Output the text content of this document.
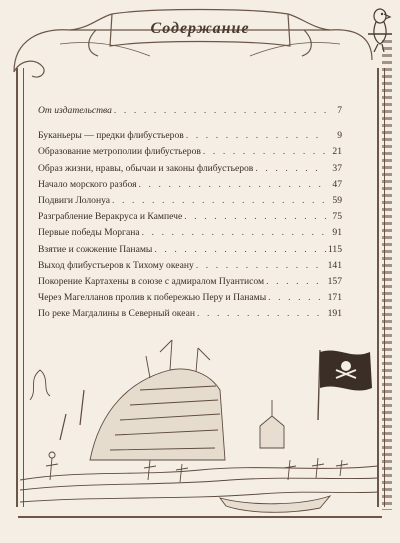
Содержание
От издательства . . .	7
Буканьеры — предки флибустьеров . . .	9
Образование метрополии флибустьеров . . .	21
Образ жизни, нравы, обычаи и законы флибустьеров . . .	37
Начало морского разбоя . . .	47
Подвиги Лолонуа . . .	59
Разграбление Веракруса и Кампече . . .	75
Первые победы Моргана . . .	91
Взятие и сожжение Панамы . . .	115
Выход флибустьеров к Тихому океану . . .	141
Покорение Картахены в союзе с адмиралом Пуантисом . . .	157
Через Магелланов пролив к побережью Перу и Панамы . . .	171
По реке Магдалины в Северный океан . . .	191
